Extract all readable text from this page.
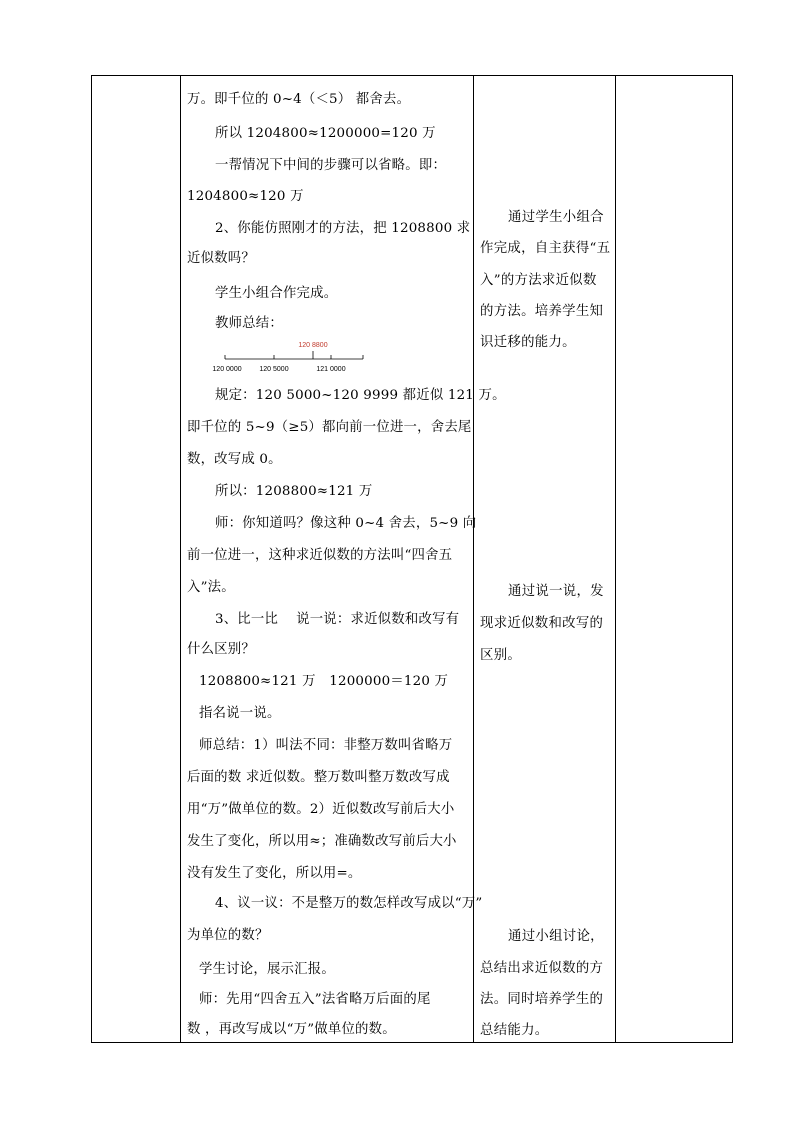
万。即千位的 0~4（＜5） 都舍去。
所以 1204800≈1200000=120 万
一帮情况下中间的步骤可以省略。即：
1204800≈120 万
2、你能仿照刚才的方法，把 1208800 求
近似数吗？
学生小组合作完成。
教师总结：
120 8800
120 0000	120 5000	121 0000
规定：120 5000~120 9999 都近似 121 万。
即千位的 5~9（≥5）都向前一位进一，舍去尾
数，改写成 0。
所以：1208800≈121 万
师：你知道吗？像这种 0~4 舍去，5~9 向
前一位进一，这种求近似数的方法叫“四舍五
入”法。
3、比一比　 说一说：求近似数和改写有
什么区别？
1208800≈121 万　1200000＝120 万
指名说一说。
师总结：1）叫法不同：非整万数叫省略万
后面的数 求近似数。整万数叫整万数改写成
用“万”做单位的数。2）近似数改写前后大小
发生了变化，所以用≈；准确数改写前后大小
没有发生了变化，所以用=。
4、议一议：不是整万的数怎样改写成以“万”
为单位的数？
学生讨论，展示汇报。
师：先用“四舍五入”法省略万后面的尾
数 ，再改写成以“万”做单位的数。
通过学生小组合
作完成，自主获得“五
入”的方法求近似数
的方法。培养学生知
识迁移的能力。
通过说一说，发
现求近似数和改写的
区别。
通过小组讨论，
总结出求近似数的方
法。同时培养学生的
总结能力。
